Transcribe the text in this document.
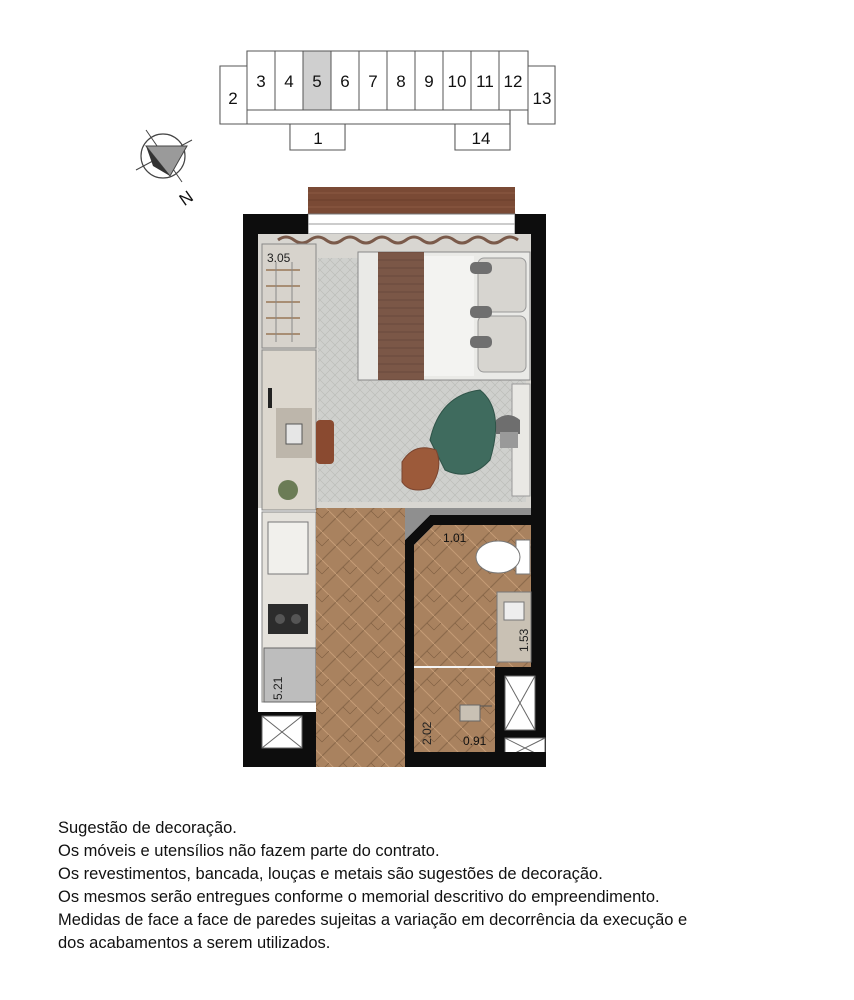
2
3 4 5 6 7 8 9 10 11 12
13
1	14
N
3.05
5.21
1.53
1.01
2.02 0.91
Sugestão de decoração.
Os móveis e utensílios não fazem parte do contrato.
Os revestimentos, bancada, louças e metais são sugestões de decoração.
Os mesmos serão entregues conforme o memorial descritivo do empreendimento.
Medidas de face a face de paredes sujeitas a variação em decorrência da execução e
dos acabamentos a serem utilizados.
